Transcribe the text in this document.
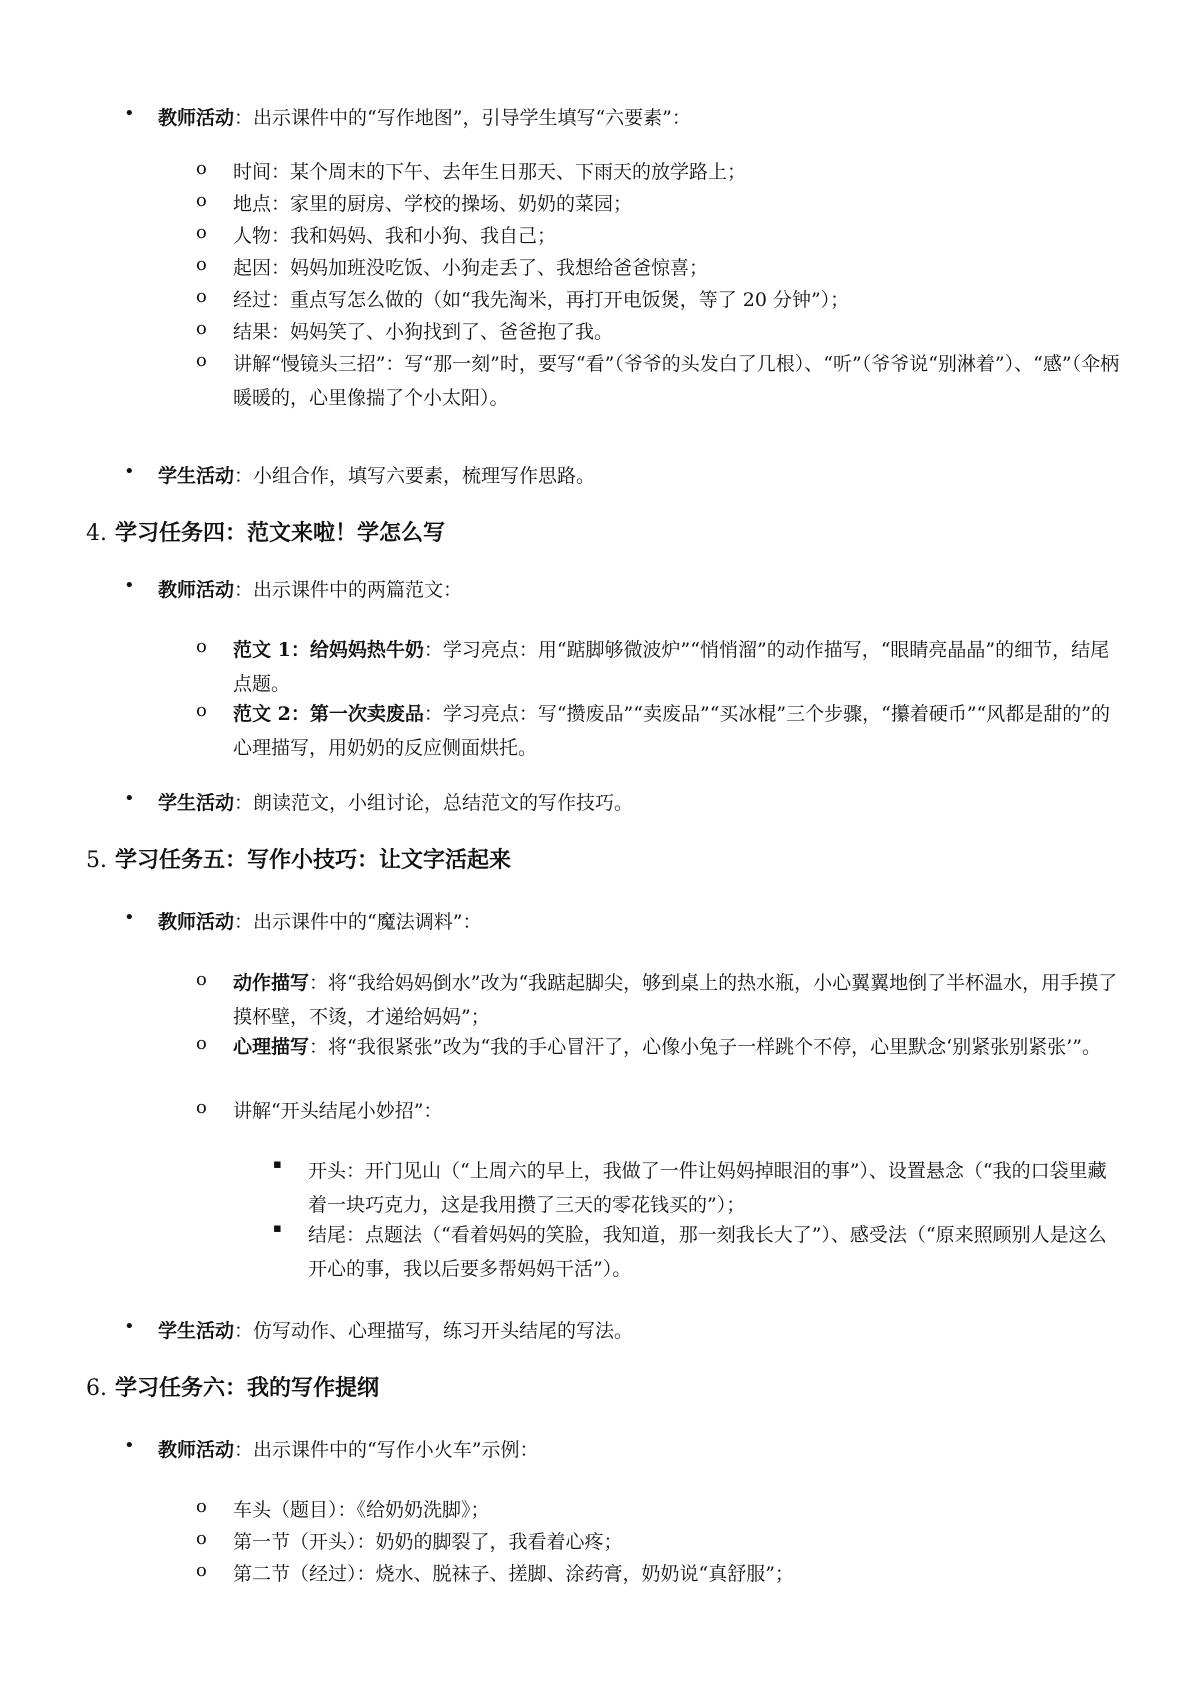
• 教师活动：出示课件中的“写作地图”，引导学生填写“六要素”：
o 时间：某个周末的下午、去年生日那天、下雨天的放学路上；
o 地点：家里的厨房、学校的操场、奶奶的菜园；
o 人物：我和妈妈、我和小狗、我自己；
o 起因：妈妈加班没吃饭、小狗走丢了、我想给爸爸惊喜；
o 经过：重点写怎么做的（如“我先淘米，再打开电饭煲，等了 20 分钟”）；
o 结果：妈妈笑了、小狗找到了、爸爸抱了我。
o 讲解“慢镜头三招”：写“那一刻”时，要写“看”（爷爷的头发白了几根）、“听”（爷爷说“别淋着”）、“感”（伞柄暖暖的，心里像揣了个小太阳）。
• 学生活动：小组合作，填写六要素，梳理写作思路。
4. 学习任务四：范文来啦！学怎么写
• 教师活动：出示课件中的两篇范文：
o 范文 1：给妈妈热牛奶：学习亮点：用“踮脚够微波炉”“悄悄溜”的动作描写，“眼睛亮晶晶”的细节，结尾点题。
o 范文 2：第一次卖废品：学习亮点：写“攒废品”“卖废品”“买冰棍”三个步骤，“攥着硬币”“风都是甜的”的心理描写，用奶奶的反应侧面烘托。
• 学生活动：朗读范文，小组讨论，总结范文的写作技巧。
5. 学习任务五：写作小技巧：让文字活起来
• 教师活动：出示课件中的“魔法调料”：
o 动作描写：将“我给妈妈倒水”改为“我踮起脚尖，够到桌上的热水瓶，小心翼翼地倒了半杯温水，用手摸了摸杯壁，不烫，才递给妈妈”；
o 心理描写：将“我很紧张”改为“我的手心冒汗了，心像小兔子一样跳个不停，心里默念‘别紧张别紧张’”。
o 讲解“开头结尾小妙招”：
▪ 开头：开门见山（“上周六的早上，我做了一件让妈妈掉眼泪的事”）、设置悬念（“我的口袋里藏着一块巧克力，这是我用攒了三天的零花钱买的”）；
▪ 结尾：点题法（“看着妈妈的笑脸，我知道，那一刻我长大了”）、感受法（“原来照顾别人是这么开心的事，我以后要多帮妈妈干活”）。
• 学生活动：仿写动作、心理描写，练习开头结尾的写法。
6. 学习任务六：我的写作提纲
• 教师活动：出示课件中的“写作小火车”示例：
o 车头（题目）：《给奶奶洗脚》；
o 第一节（开头）：奶奶的脚裂了，我看着心疼；
o 第二节（经过）：烧水、脱袜子、搓脚、涂药膏，奶奶说“真舒服”；
